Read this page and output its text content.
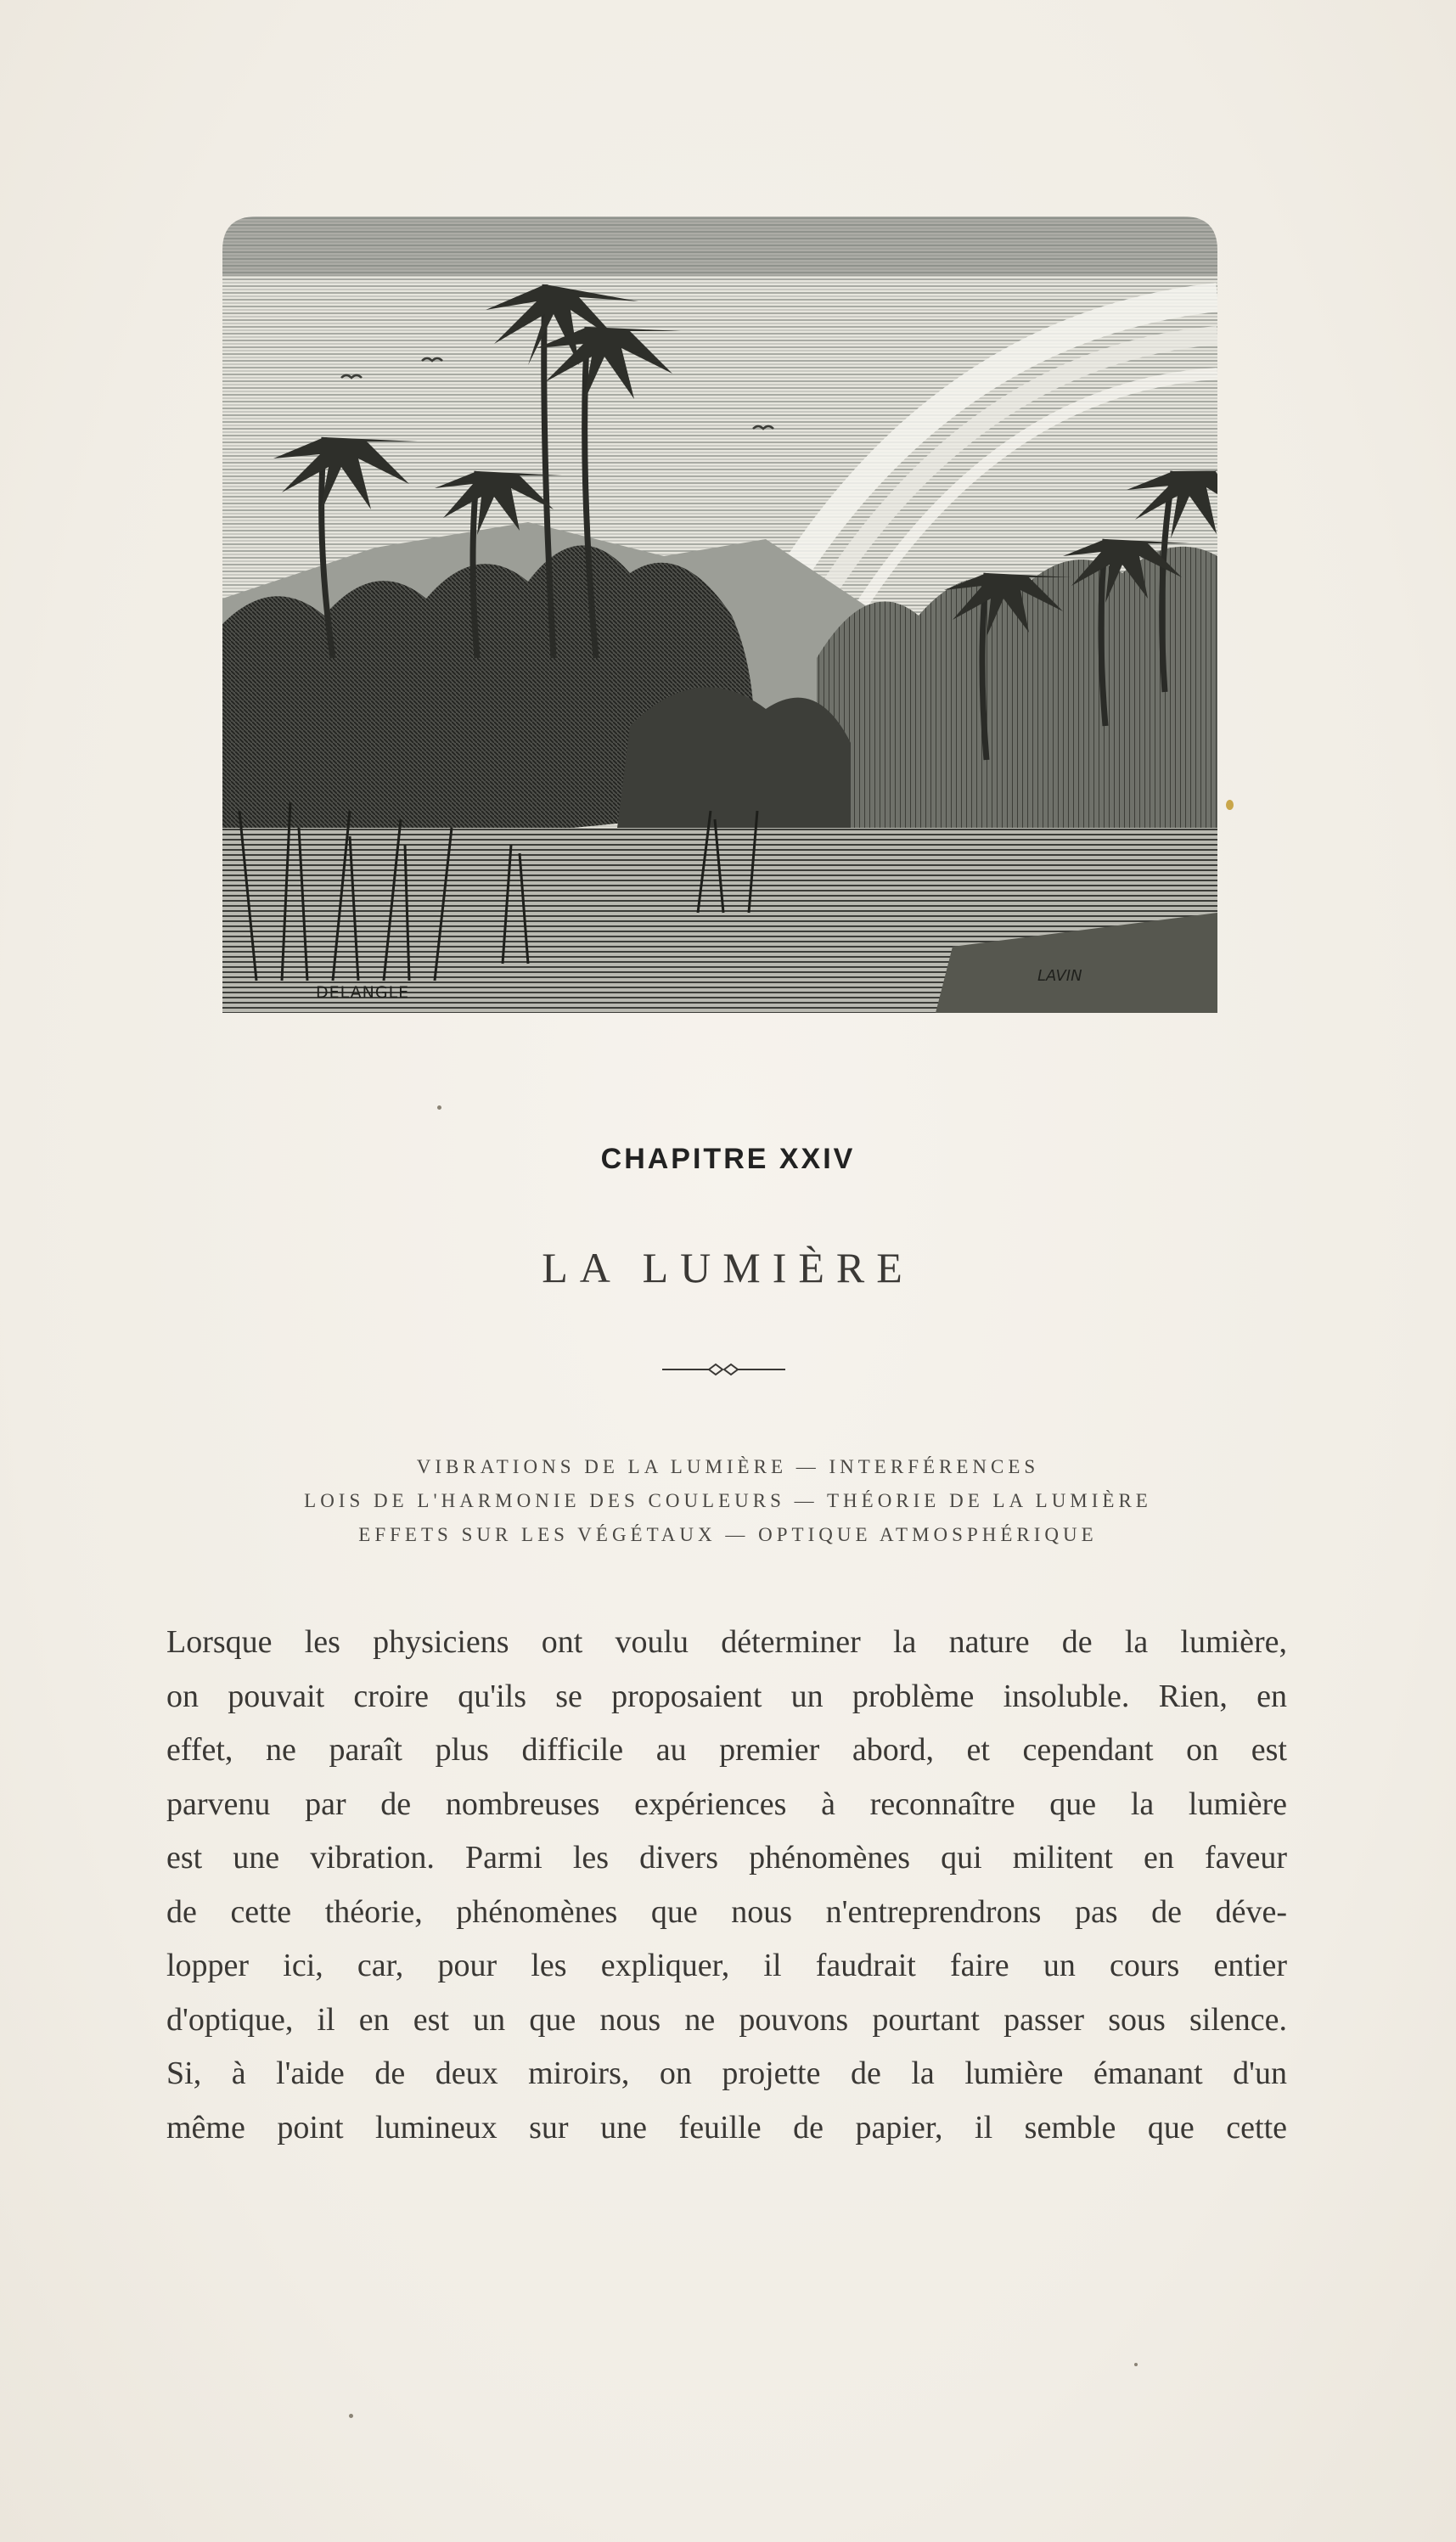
DELANGLE
LAVIN
CHAPITRE XXIV
LA LUMIÈRE
VIBRATIONS DE LA LUMIÈRE — INTERFÉRENCES
LOIS DE L'HARMONIE DES COULEURS — THÉORIE DE LA LUMIÈRE
EFFETS SUR LES VÉGÉTAUX — OPTIQUE ATMOSPHÉRIQUE
Lorsque les physiciens ont voulu déterminer la nature de la lumière,
on pouvait croire qu'ils se proposaient un problème insoluble. Rien, en
effet, ne paraît plus difficile au premier abord, et cependant on est
parvenu par de nombreuses expériences à reconnaître que la lumière
est une vibration. Parmi les divers phénomènes qui militent en faveur
de cette théorie, phénomènes que nous n'entreprendrons pas de déve-
lopper ici, car, pour les expliquer, il faudrait faire un cours entier
d'optique, il en est un que nous ne pouvons pourtant passer sous silence.
Si, à l'aide de deux miroirs, on projette de la lumière émanant d'un
même point lumineux sur une feuille de papier, il semble que cette
